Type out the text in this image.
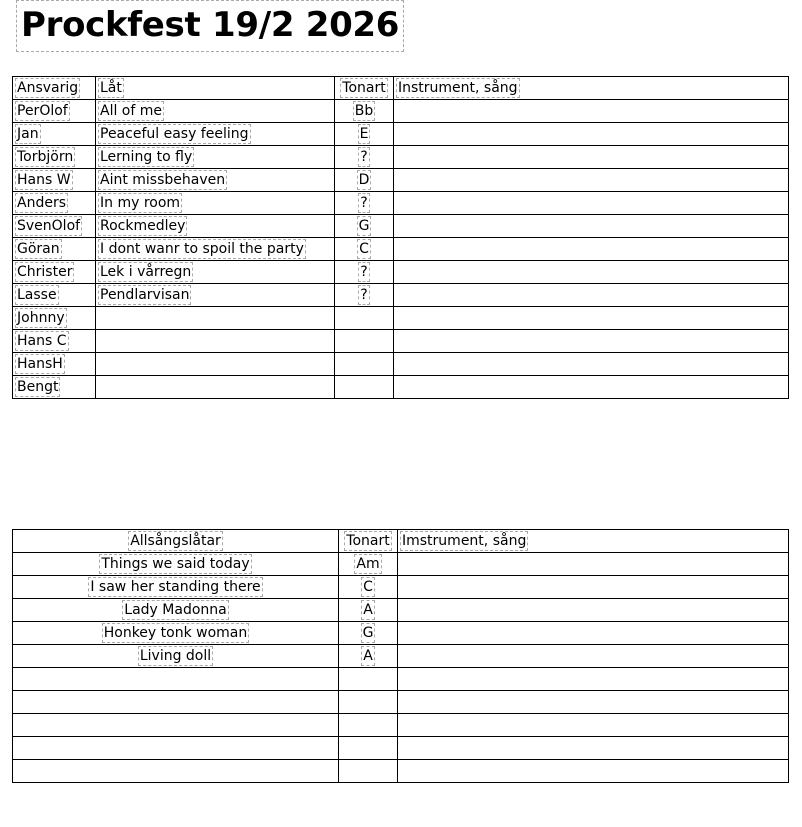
Prockfest 19/2 2026
Ansvarig	Låt	Tonart	Instrument, sång
PerOlof	All of me	Bb	
Jan	Peaceful easy feeling	E	
Torbjörn	Lerning to fly	?	
Hans W	Aint missbehaven	D	
Anders	In my room	?	
SvenOlof	Rockmedley	G	
Göran	I dont wanr to spoil the party	C	
Christer	Lek i vårregn	?	
Lasse	Pendlarvisan	?	
Johnny			
Hans C			
HansH			
Bengt			
Allsångslåtar	Tonart	Imstrument, sång
Things we said today	Am	
I saw her standing there	C	
Lady Madonna	A	
Honkey tonk woman	G	
Living doll	A	
